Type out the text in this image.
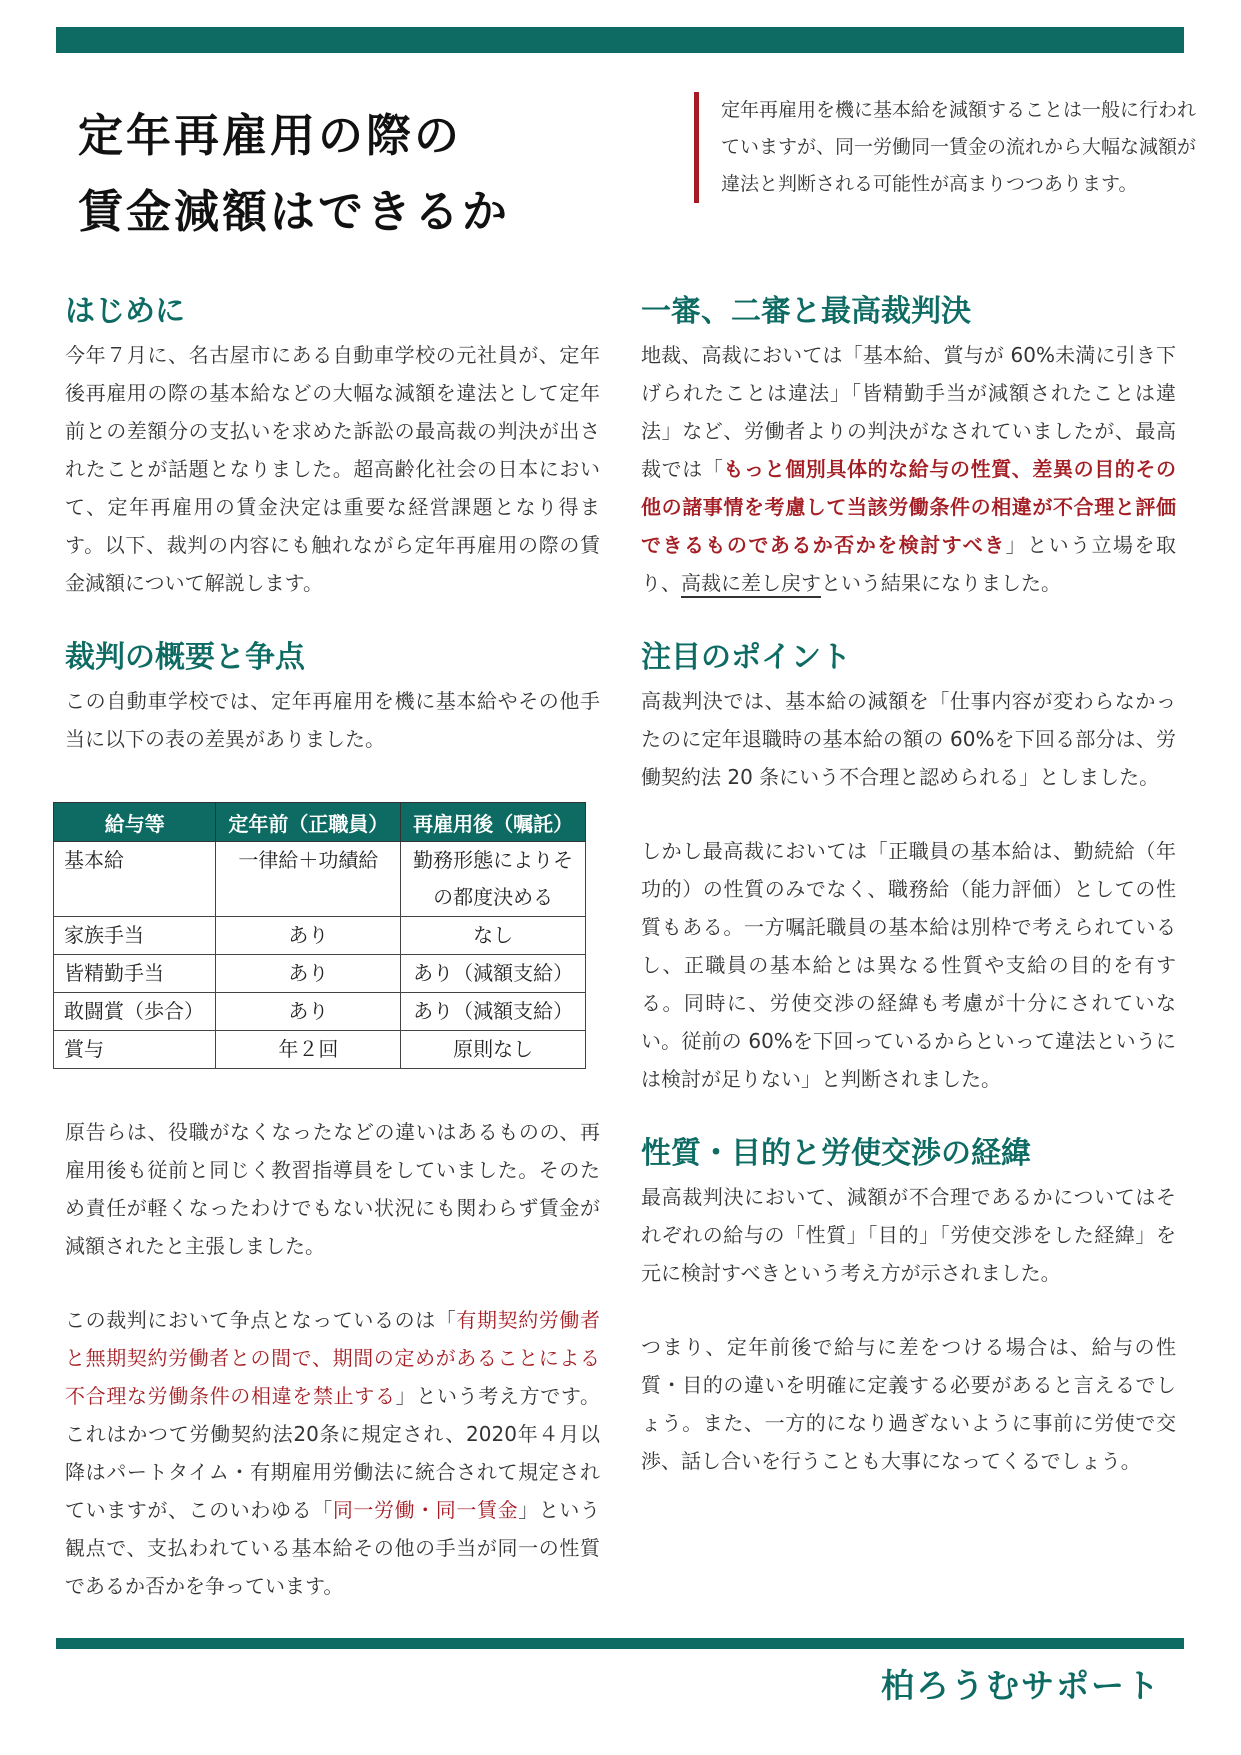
定年再雇用の際の
賃金減額はできるか
定年再雇用を機に基本給を減額することは一般に行われていますが、同一労働同一賃金の流れから大幅な減額が違法と判断される可能性が高まりつつあります。
はじめに

今年７月に、名古屋市にある自動車学校の元社員が、定年後再雇用の際の基本給などの大幅な減額を違法として定年前との差額分の支払いを求めた訴訟の最高裁の判決が出されたことが話題となりました。超高齢化社会の日本において、定年再雇用の賃金決定は重要な経営課題となり得ます。以下、裁判の内容にも触れながら定年再雇用の際の賃金減額について解説します。

裁判の概要と争点

この自動車学校では、定年再雇用を機に基本給やその他手当に以下の表の差異がありました。

給与等	定年前（正職員）	再雇用後（嘱託）
基本給	一律給＋功績給	勤務形態によりその都度決める
家族手当	あり	なし
皆精勤手当	あり	あり（減額支給）
敢闘賞（歩合）	あり	あり（減額支給）
賞与	年２回	原則なし

原告らは、役職がなくなったなどの違いはあるものの、再雇用後も従前と同じく教習指導員をしていました。そのため責任が軽くなったわけでもない状況にも関わらず賃金が減額されたと主張しました。

この裁判において争点となっているのは「有期契約労働者と無期契約労働者との間で、期間の定めがあることによる不合理な労働条件の相違を禁止する」という考え方です。これはかつて労働契約法20条に規定され、2020年４月以降はパートタイム・有期雇用労働法に統合されて規定されていますが、このいわゆる「同一労働・同一賃金」という観点で、支払われている基本給その他の手当が同一の性質であるか否かを争っています。

一審、二審と最高裁判決

地裁、高裁においては「基本給、賞与が 60%未満に引き下げられたことは違法」「皆精勤手当が減額されたことは違法」など、労働者よりの判決がなされていましたが、最高裁では「もっと個別具体的な給与の性質、差異の目的その他の諸事情を考慮して当該労働条件の相違が不合理と評価できるものであるか否かを検討すべき」という立場を取り、高裁に差し戻すという結果になりました。

注目のポイント

高裁判決では、基本給の減額を「仕事内容が変わらなかったのに定年退職時の基本給の額の 60%を下回る部分は、労働契約法 20 条にいう不合理と認められる」としました。

しかし最高裁においては「正職員の基本給は、勤続給（年功的）の性質のみでなく、職務給（能力評価）としての性質もある。一方嘱託職員の基本給は別枠で考えられているし、正職員の基本給とは異なる性質や支給の目的を有する。同時に、労使交渉の経緯も考慮が十分にされていない。従前の 60%を下回っているからといって違法というには検討が足りない」と判断されました。

性質・目的と労使交渉の経緯

最高裁判決において、減額が不合理であるかについてはそれぞれの給与の「性質」「目的」「労使交渉をした経緯」を元に検討すべきという考え方が示されました。

つまり、定年前後で給与に差をつける場合は、給与の性質・目的の違いを明確に定義する必要があると言えるでしょう。また、一方的になり過ぎないように事前に労使で交渉、話し合いを行うことも大事になってくるでしょう。

柏ろうむサポート
